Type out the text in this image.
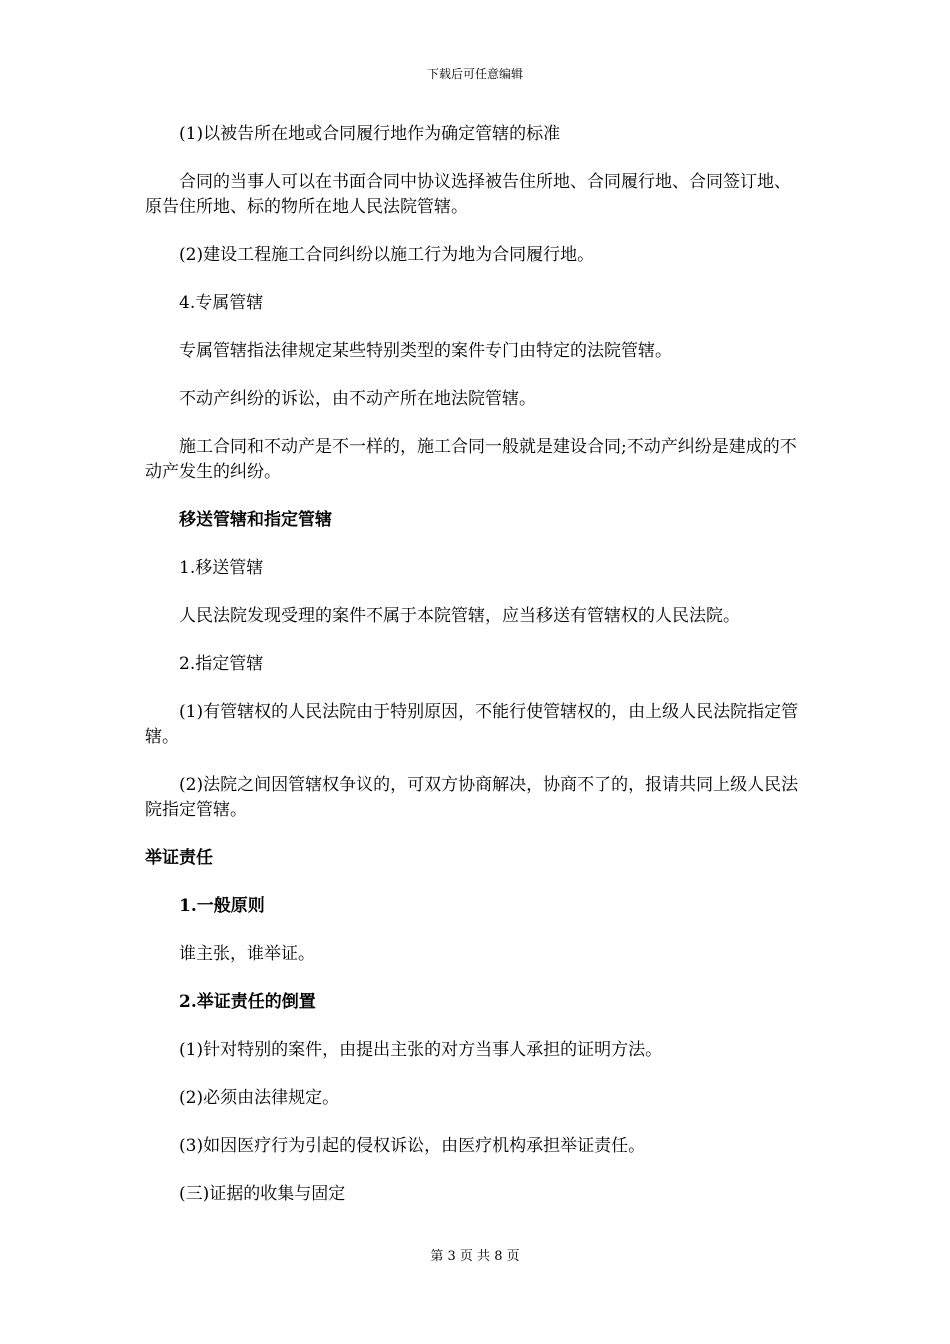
下载后可任意编辑

(1)以被告所在地或合同履行地作为确定管辖的标准

合同的当事人可以在书面合同中协议选择被告住所地、合同履行地、合同签订地、原告住所地、标的物所在地人民法院管辖。

(2)建设工程施工合同纠纷以施工行为地为合同履行地。

4.专属管辖

专属管辖指法律规定某些特别类型的案件专门由特定的法院管辖。

不动产纠纷的诉讼，由不动产所在地法院管辖。

施工合同和不动产是不一样的，施工合同一般就是建设合同;不动产纠纷是建成的不动产发生的纠纷。

移送管辖和指定管辖

1.移送管辖

人民法院发现受理的案件不属于本院管辖，应当移送有管辖权的人民法院。

2.指定管辖

(1)有管辖权的人民法院由于特别原因，不能行使管辖权的，由上级人民法院指定管辖。

(2)法院之间因管辖权争议的，可双方协商解决，协商不了的，报请共同上级人民法院指定管辖。

举证责任

1.一般原则

谁主张，谁举证。

2.举证责任的倒置

(1)针对特别的案件，由提出主张的对方当事人承担的证明方法。

(2)必须由法律规定。

(3)如因医疗行为引起的侵权诉讼，由医疗机构承担举证责任。

(三)证据的收集与固定

第 3 页 共 8 页
